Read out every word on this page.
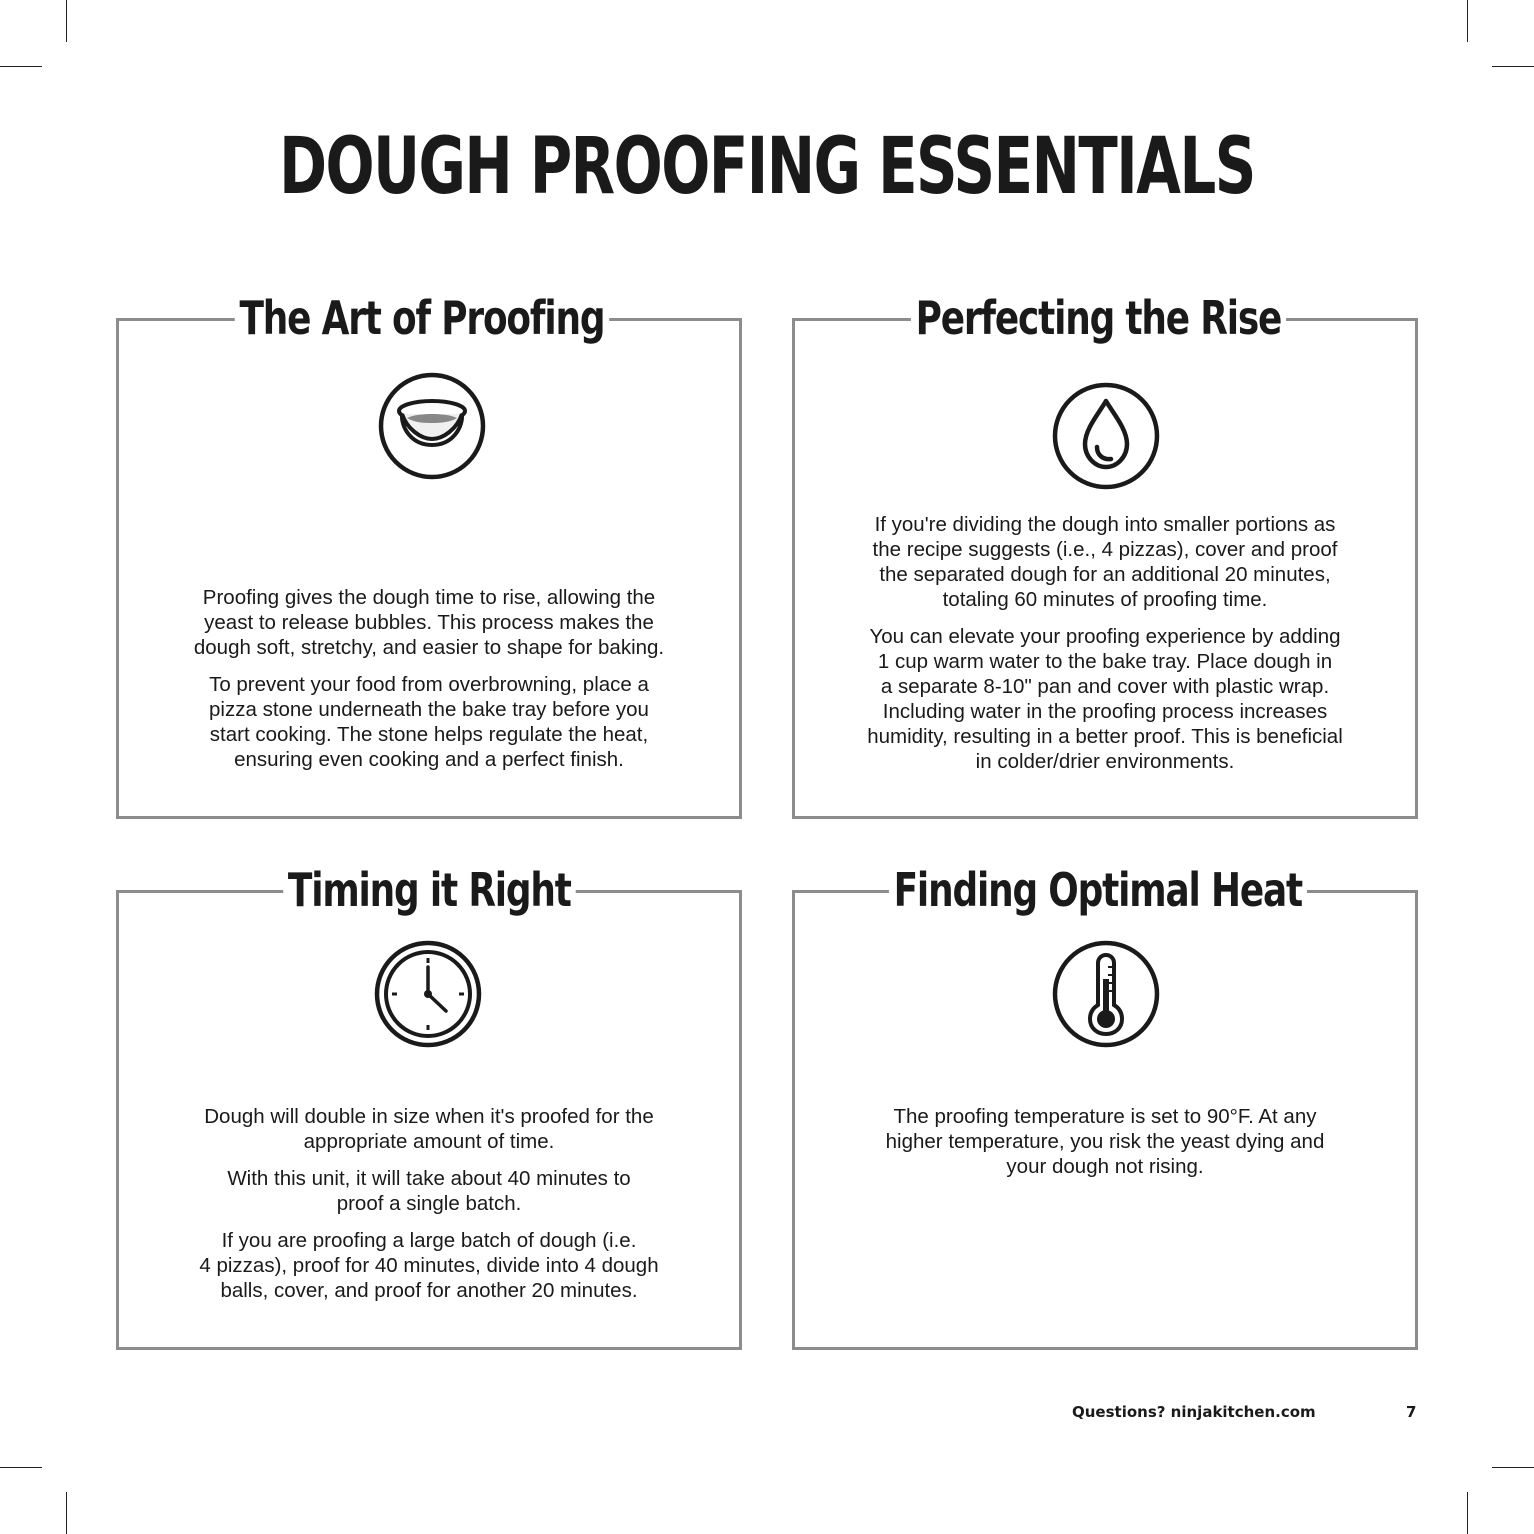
DOUGH PROOFING ESSENTIALS
The Art of Proofing

Proofing gives the dough time to rise, allowing the
yeast to release bubbles. This process makes the
dough soft, stretchy, and easier to shape for baking.

To prevent your food from overbrowning, place a
pizza stone underneath the bake tray before you
start cooking. The stone helps regulate the heat,
ensuring even cooking and a perfect finish.

Perfecting the Rise

If you're dividing the dough into smaller portions as
the recipe suggests (i.e., 4 pizzas), cover and proof
the separated dough for an additional 20 minutes,
totaling 60 minutes of proofing time.

You can elevate your proofing experience by adding
1 cup warm water to the bake tray. Place dough in
a separate 8-10" pan and cover with plastic wrap.
Including water in the proofing process increases
humidity, resulting in a better proof. This is beneficial
in colder/drier environments.

Timing it Right

Dough will double in size when it's proofed for the
appropriate amount of time.

With this unit, it will take about 40 minutes to
proof a single batch.

If you are proofing a large batch of dough (i.e.
4 pizzas), proof for 40 minutes, divide into 4 dough
balls, cover, and proof for another 20 minutes.

Finding Optimal Heat

The proofing temperature is set to 90°F. At any
higher temperature, you risk the yeast dying and
your dough not rising.

Questions? ninjakitchen.com	7
